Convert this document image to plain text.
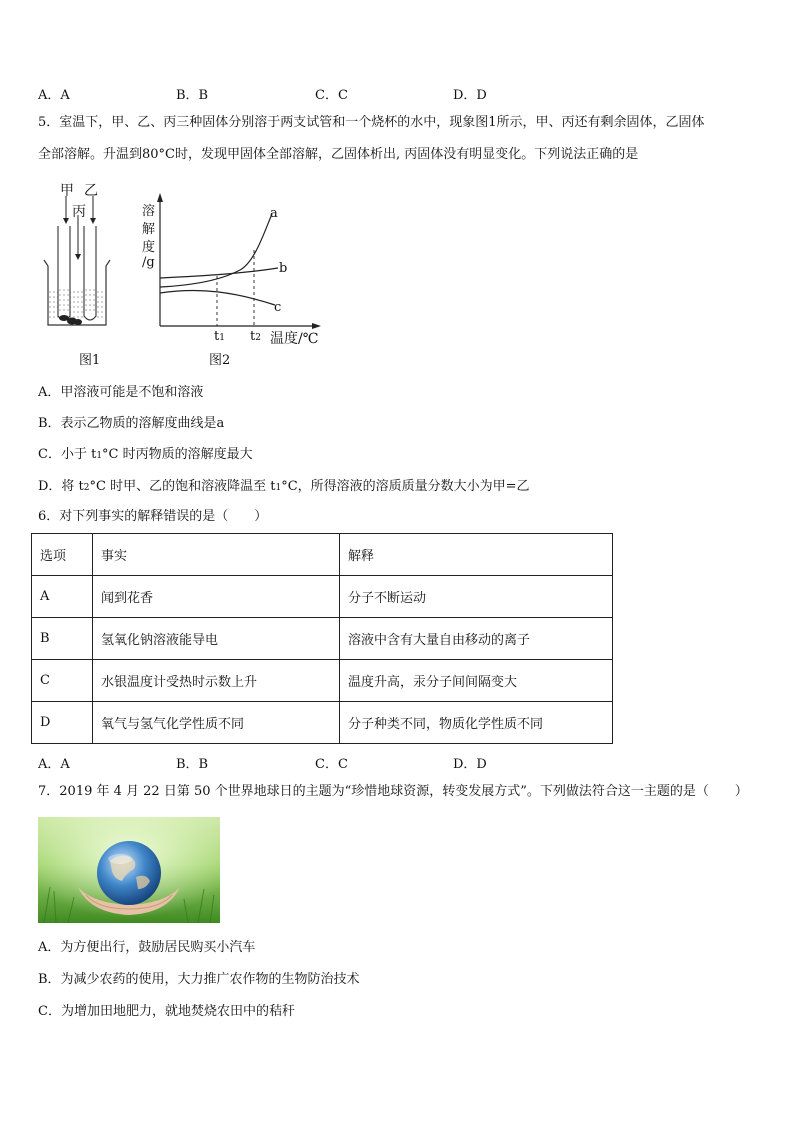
A．A	B．B	C．C	D．D
5．室温下，甲、乙、丙三种固体分别溶于两支试管和一个烧杯的水中，现象图1所示，甲、丙还有剩余固体，乙固体
全部溶解。升温到80°C时，发现甲固体全部溶解，乙固体析出, 丙固体没有明显变化。下列说法正确的是
甲 乙
丙
图1
溶
解
度
/g
a
b
c
t1 t2 温度/℃
图2
A．甲溶液可能是不饱和溶液
B．表示乙物质的溶解度曲线是a
C．小于 t1°C 时丙物质的溶解度最大
D．将 t2°C 时甲、乙的饱和溶液降温至 t1°C，所得溶液的溶质质量分数大小为甲=乙
6．对下列事实的解释错误的是（　　）
选项	事实	解释
A	闻到花香	分子不断运动
B	氢氧化钠溶液能导电	溶液中含有大量自由移动的离子
C	水银温度计受热时示数上升	温度升高，汞分子间间隔变大
D	氧气与氢气化学性质不同	分子种类不同，物质化学性质不同
A．A	B．B	C．C	D．D
7．2019 年 4 月 22 日第 50 个世界地球日的主题为“珍惜地球资源，转变发展方式”。下列做法符合这一主题的是（　　）
A．为方便出行，鼓励居民购买小汽车
B．为减少农药的使用，大力推广农作物的生物防治技术
C．为增加田地肥力，就地焚烧农田中的秸秆
